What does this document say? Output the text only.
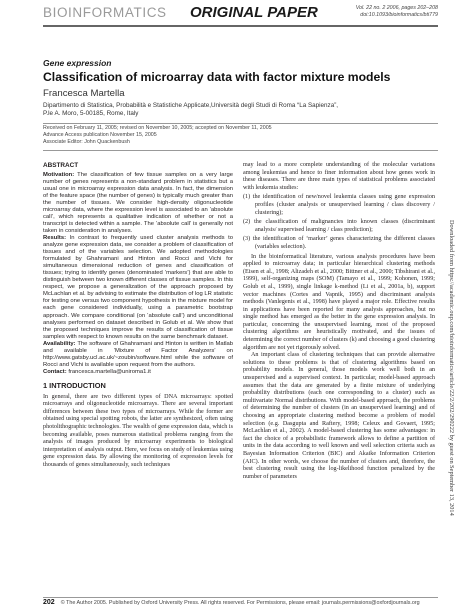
BIOINFORMATICS ORIGINAL PAPER	Vol. 22 no. 2 2006, pages 202–208
doi:10.1093/bioinformatics/bti779
Gene expression
Classification of microarray data with factor mixture models
Francesca Martella
Dipartimento di Statistica, Probabilità e Statistiche Applicate,Università degli Studi di Roma “La Sapienza”,
P.le A. Moro, 5-00185, Rome, Italy
Received on February 11, 2005; revised on November 10, 2005; accepted on November 11, 2005
Advance Access publication November 15, 2005
Associate Editor: John Quackenbush
ABSTRACT
Motivation: The classification of few tissue samples on a very large number of genes represents a non-standard problem in statistics but a usual one in microarray expression data analysis. In fact, the dimension of the feature space (the number of genes) is typically much greater than the number of tissues. We consider high-density oligonucleotide microarray data, where the expression level is associated to an ‘absolute call’, which represents a qualitative indication of whether or not a transcript is detected within a sample. The ‘absolute call’ is generally not taken in consideration in analyses.
Results: In contrast to frequently used cluster analysis methods to analyze gene expression data, we consider a problem of classification of tissues and of the variables selection. We adopted methodologies formulated by Ghahramani and Hinton and Rocci and Vichi for simultaneous dimensional reduction of genes and classification of tissues; trying to identify genes (denominated ‘markers’) that are able to distinguish between two known different classes of tissue samples. In this respect, we propose a generalization of the approach proposed by McLachlan et al. by advising to estimate the distribution of log LR statistic for testing one versus two component hypothesis in the mixture model for each gene considered individually, using a parametric bootstrap approach. We compare conditional (on ‘absolute call’) and unconditional analyses performed on dataset described in Golub et al. We show that the proposed techniques improve the results of classification of tissue samples with respect to known results on the same benchmark dataset.
Availability: The software of Ghahramani and Hinton is written in Matlab and available in ‘Mixture of Factor Analyzers’ on http://www.gatsby.ucl.ac.uk/~zoubin/software.html while the software of Rocci and Vichi is available upon request from the authors.
Contact: francesca.martella@uniroma1.it
1 INTRODUCTION
In general, there are two different types of DNA microarrays: spotted microarrays and oligonucleotide microarrays. There are several important differences between these two types of microarrays. While the former are obtained using special spotting robots, the latter are synthesized, often using photolithographic technologies. The wealth of gene expression data, which is becoming available, poses numerous statistical problems ranging from the analysis of images produced by microarray experiments to biological interpretation of analysis output. Here, we focus on study of leukemias using gene expression data. By allowing the monitoring of expression levels for thousands of genes simultaneously, such techniques
may lead to a more complete understanding of the molecular variations among leukemias and hence to finer information about how genes work in these diseases. There are three main types of statistical problems associated with leukemia studies:
(1) the identification of new/novel leukemia classes using gene expression profiles (cluster analysis or unsupervised learning / class discovery / clustering);
(2) the classification of malignancies into known classes (discriminant analysis/ supervised learning / class prediction);
(3) the identification of ‘marker’ genes characterizing the different classes (variables selection).
In the bioinformatical literature, various analysis procedures have been applied to microarray data; in particular hierarchical clustering methods (Eisen et al., 1998; Alizadeh et al., 2000; Bittner et al., 2000; Tibshirani et al., 1999), self-organizing maps (SOM) (Tamayo et al., 1999; Kohonen, 1999; Golub et al., 1999), single linkage k-method (Li et al., 2001a, b), support vector machines (Cortes and Vapnik, 1995) and discriminant analysis methods (Vanlegenis et al., 1998) have played a major role. Effective results in applications have been reported for many analysis approaches, but no single method has emerged as the better in the gene expression analysis. In particular, concerning the unsupervised learning, most of the proposed clustering algorithms are heuristically motivated, and the issues of determining the correct number of clusters (k) and choosing a good clustering algorithm are not yet rigorously solved.
An important class of clustering techniques that can provide alternative solutions to these problems is that of clustering algorithms based on probability models. In general, those models work well both in an unsupervised and a supervised context. In particular, model-based approach assumes that the data are generated by a finite mixture of underlying probability distributions (each one corresponding to a cluster) such as multivariate Normal distributions. With model-based approach, the problems of determining the number of clusters (in an unsupervised learning) and of choosing an appropriate clustering method become a problem of model selection (e.g. Dasgupta and Raftery, 1998; Celeux and Govaert, 1995; McLachlan et al., 2002). A model-based clustering has some advantages: in fact the choice of a probabilistic framework allows to define a partition of units in the data according to well known and well selection criteria such as Bayesian Information Criterion (BIC) and Akaike Information Criterion (AIC). In other words, we choose the number of clusters and, therefore, the best clustering result using the log-likelihood function penalized by the number of parameters
202 © The Author 2005. Published by Oxford University Press. All rights reserved. For Permissions, please email: journals.permissions@oxfordjournals.org
Downloaded from https://academic.oup.com/bioinformatics/article/22/2/202/290222 by guest on September 13, 2014
